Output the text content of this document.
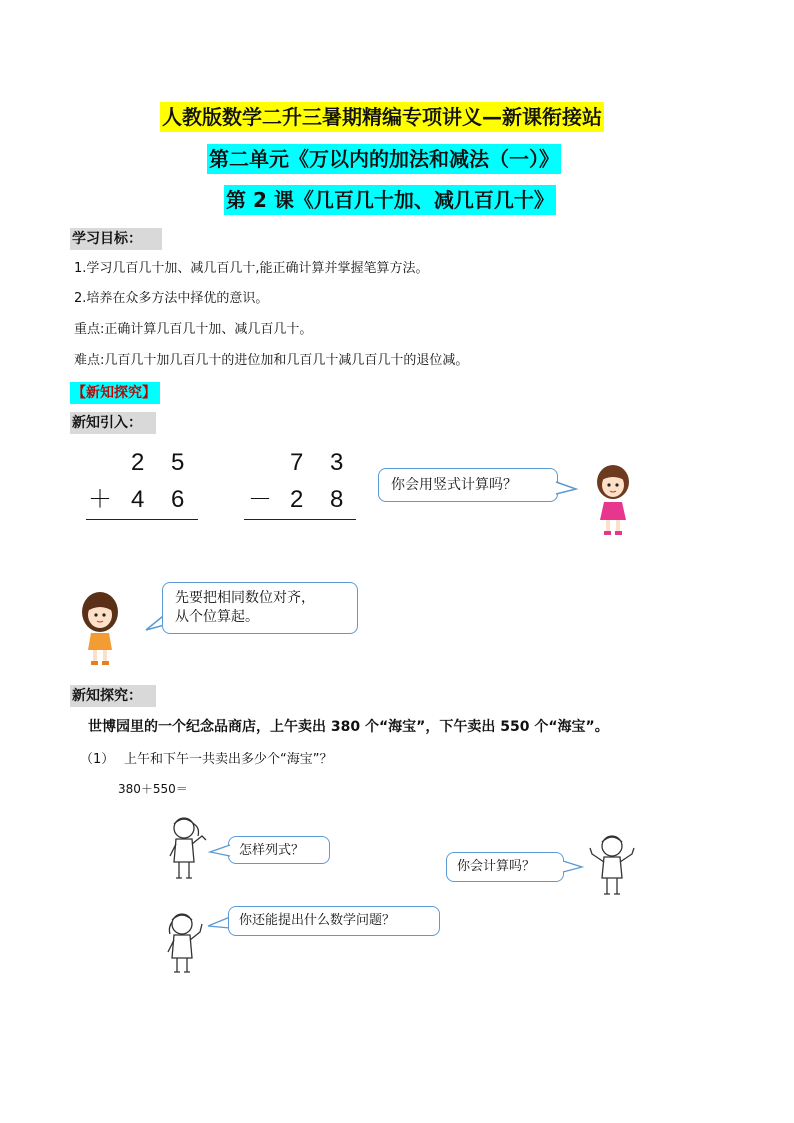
人教版数学二升三暑期精编专项讲义—新课衔接站
第二单元《万以内的加法和减法（一）》
第 2 课《几百几十加、减几百几十》
学习目标：
1.学习几百几十加、减几百几十,能正确计算并掌握笔算方法。
2.培养在众多方法中择优的意识。
重点:正确计算几百几十加、减几百几十。
难点:几百几十加几百几十的进位加和几百几十减几百几十的退位减。
【新知探究】
新知引入：
2 5
＋ 4 6
7 3
－ 2 8
你会用竖式计算吗？
先要把相同数位对齐，
从个位算起。
新知探究：
世博园里的一个纪念品商店，上午卖出 380 个“海宝”，下午卖出 550 个“海宝”。
（1） 上午和下午一共卖出多少个“海宝”？
380＋550＝
怎样列式？
你会计算吗？
你还能提出什么数学问题？
